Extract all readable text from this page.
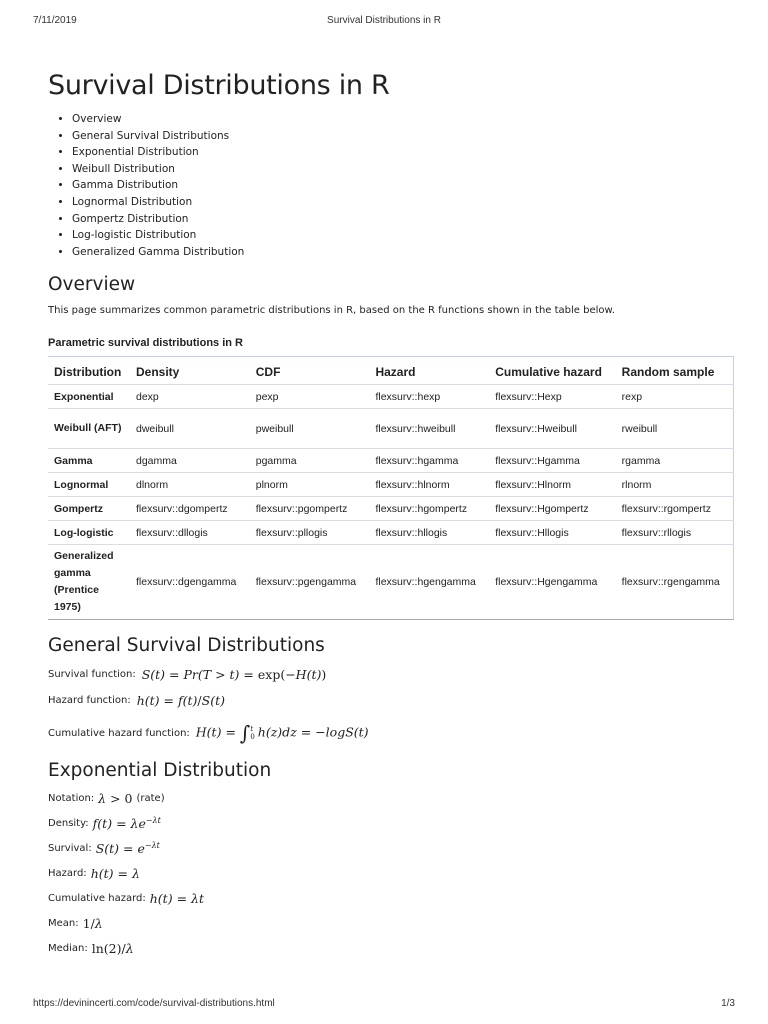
7/11/2019	Survival Distributions in R
Survival Distributions in R
• Overview
• General Survival Distributions
• Exponential Distribution
• Weibull Distribution
• Gamma Distribution
• Lognormal Distribution
• Gompertz Distribution
• Log-logistic Distribution
• Generalized Gamma Distribution
Overview

This page summarizes common parametric distributions in R, based on the R functions shown in the table below.

Parametric survival distributions in R
Distribution	Density	CDF	Hazard	Cumulative hazard	Random sample
Exponential	dexp	pexp	flexsurv::hexp	flexsurv::Hexp	rexp
Weibull (AFT)	dweibull	pweibull	flexsurv::hweibull	flexsurv::Hweibull	rweibull
Gamma	dgamma	pgamma	flexsurv::hgamma	flexsurv::Hgamma	rgamma
Lognormal	dlnorm	plnorm	flexsurv::hlnorm	flexsurv::Hlnorm	rlnorm
Gompertz	flexsurv::dgompertz	flexsurv::pgompertz	flexsurv::hgompertz	flexsurv::Hgompertz	flexsurv::rgompertz
Log-logistic	flexsurv::dllogis	flexsurv::pllogis	flexsurv::hllogis	flexsurv::Hllogis	flexsurv::rllogis
Generalized gamma (Prentice 1975)	flexsurv::dgengamma	flexsurv::pgengamma	flexsurv::hgengamma	flexsurv::Hgengamma	flexsurv::rgengamma
General Survival Distributions
Survival function: S(t) = Pr(T > t) = exp(−H(t))
Hazard function: h(t) = f(t)/S(t)
Cumulative hazard function: H(t) = ∫ t
0 h(z)dz = −logS(t)
Exponential Distribution
Notation: λ > 0 (rate)
Density: $f(t) = \lambda e^{-\lambda t}$
Survival: $S(t) = e^{-\lambda t}$
Hazard: h(t) = λ
Cumulative hazard: h(t) = λt
Mean: 1/λ
Median: ln(2)/λ
https://devinincerti.com/code/survival-distributions.html	1/3
